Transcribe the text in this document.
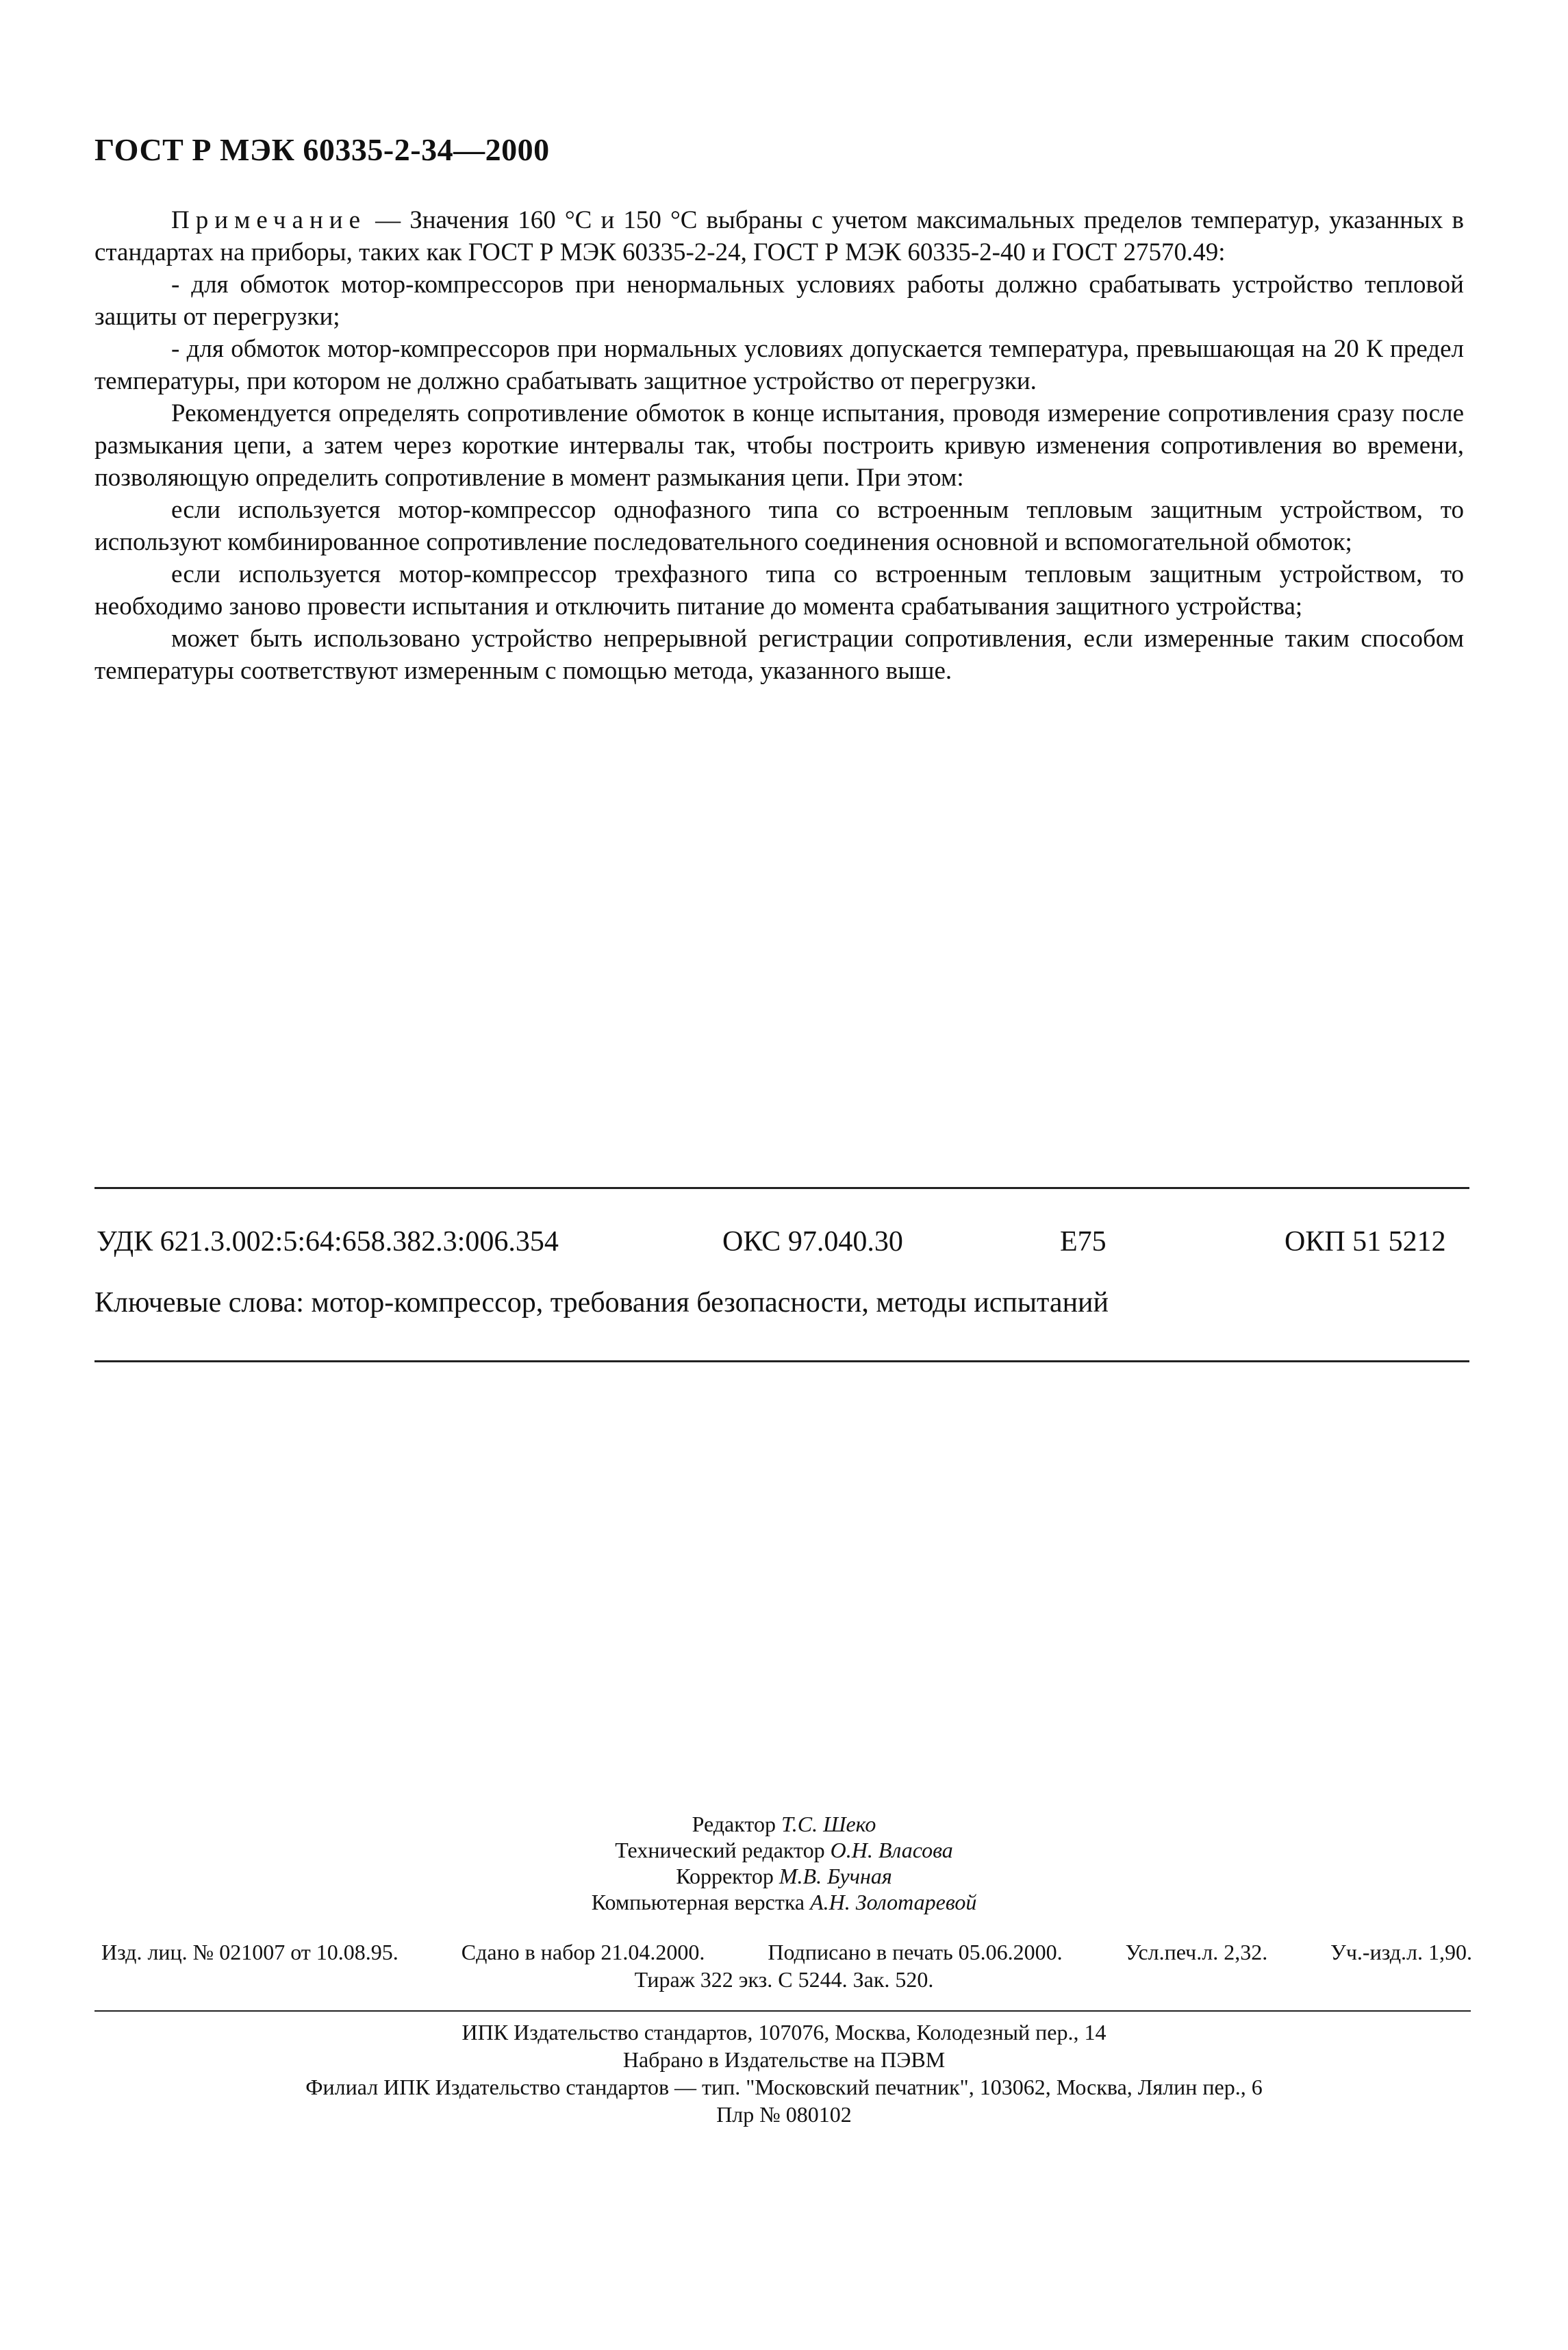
ГОСТ Р МЭК 60335-2-34—2000

Примечание — Значения 160 °С и 150 °С выбраны с учетом максимальных пределов температур, указанных в стандартах на приборы, таких как ГОСТ Р МЭК 60335-2-24, ГОСТ Р МЭК 60335-2-40 и ГОСТ 27570.49:

- для обмоток мотор-компрессоров при ненормальных условиях работы должно срабатывать устройство тепловой защиты от перегрузки;

- для обмоток мотор-компрессоров при нормальных условиях допускается температура, превышающая на 20 К предел температуры, при котором не должно срабатывать защитное устройство от перегрузки.

Рекомендуется определять сопротивление обмоток в конце испытания, проводя измерение сопротивления сразу после размыкания цепи, а затем через короткие интервалы так, чтобы построить кривую изменения сопротивления во времени, позволяющую определить сопротивление в момент размыкания цепи. При этом:

если используется мотор-компрессор однофазного типа со встроенным тепловым защитным устройством, то используют комбинированное сопротивление последовательного соединения основной и вспомогательной обмоток;

если используется мотор-компрессор трехфазного типа со встроенным тепловым защитным устройством, то необходимо заново провести испытания и отключить питание до момента срабатывания защитного устройства;

может быть использовано устройство непрерывной регистрации сопротивления, если измеренные таким способом температуры соответствуют измеренным с помощью метода, указанного выше.

УДК 621.3.002:5:64:658.382.3:006.354	ОКС 97.040.30	Е75	ОКП 51 5212
Ключевые слова: мотор-компрессор, требования безопасности, методы испытаний
Редактор Т.С. Шеко
Технический редактор О.Н. Власова
Корректор М.В. Бучная
Компьютерная верстка А.Н. Золотаревой
Изд. лиц. № 021007 от 10.08.95.	Сдано в набор 21.04.2000.	Подписано в печать 05.06.2000.	Усл.печ.л. 2,32.	Уч.-изд.л. 1,90.
Тираж 322 экз. С 5244. Зак. 520.
ИПК Издательство стандартов, 107076, Москва, Колодезный пер., 14
Набрано в Издательстве на ПЭВМ
Филиал ИПК Издательство стандартов — тип. "Московский печатник", 103062, Москва, Лялин пер., 6
Плр № 080102
